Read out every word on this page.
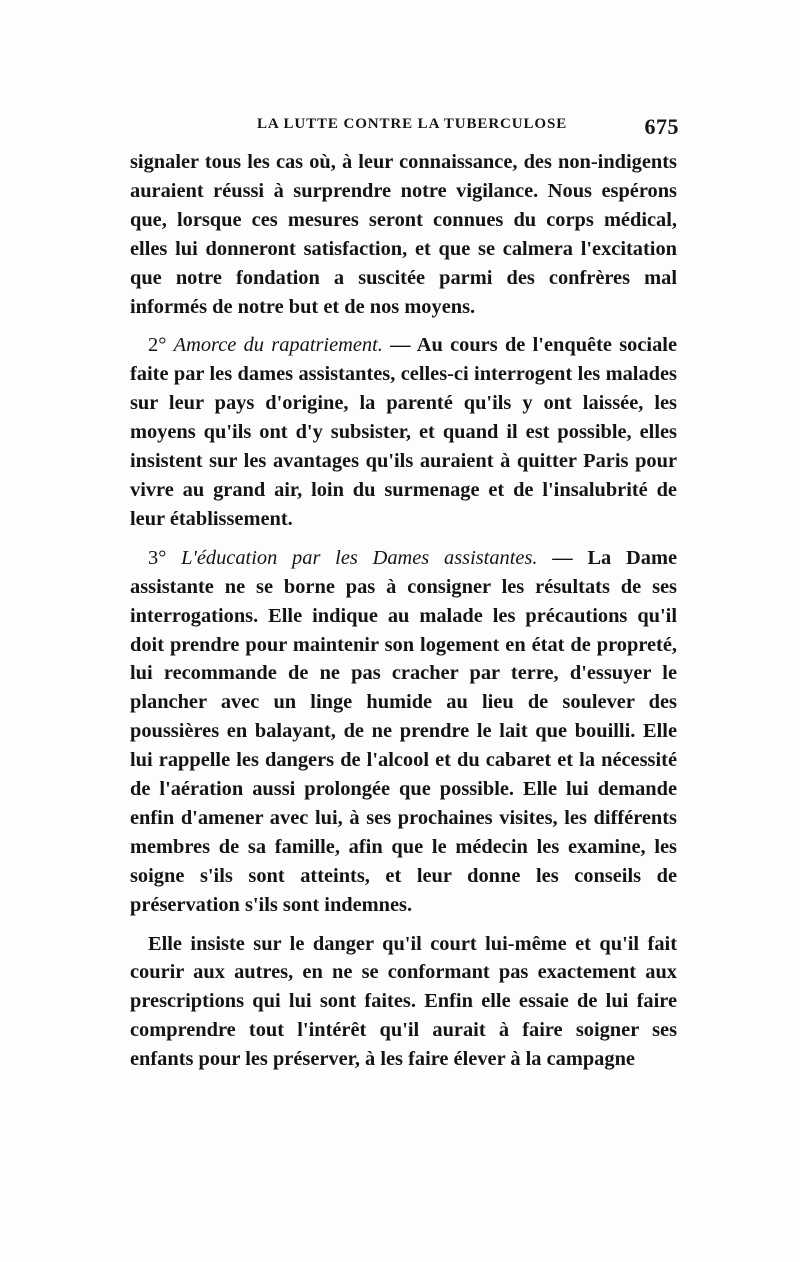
LA LUTTE CONTRE LA TUBERCULOSE	675

signaler tous les cas où, à leur connaissance, des non-indigents auraient réussi à surprendre notre vigilance. Nous espérons que, lorsque ces mesures seront connues du corps médical, elles lui donneront satisfaction, et que se calmera l'excitation que notre fondation a suscitée parmi des confrères mal informés de notre but et de nos moyens.

2° Amorce du rapatriement. — Au cours de l'enquête sociale faite par les dames assistantes, celles-ci interrogent les malades sur leur pays d'origine, la parenté qu'ils y ont laissée, les moyens qu'ils ont d'y subsister, et quand il est possible, elles insistent sur les avantages qu'ils auraient à quitter Paris pour vivre au grand air, loin du surmenage et de l'insalubrité de leur établissement.

3° L'éducation par les Dames assistantes. — La Dame assistante ne se borne pas à consigner les résultats de ses interrogations. Elle indique au malade les précautions qu'il doit prendre pour maintenir son logement en état de propreté, lui recommande de ne pas cracher par terre, d'essuyer le plancher avec un linge humide au lieu de soulever des poussières en balayant, de ne prendre le lait que bouilli. Elle lui rappelle les dangers de l'alcool et du cabaret et la nécessité de l'aération aussi prolongée que possible. Elle lui demande enfin d'amener avec lui, à ses prochaines visites, les différents membres de sa famille, afin que le médecin les examine, les soigne s'ils sont atteints, et leur donne les conseils de préservation s'ils sont indemnes.

Elle insiste sur le danger qu'il court lui-même et qu'il fait courir aux autres, en ne se conformant pas exactement aux prescriptions qui lui sont faites. Enfin elle essaie de lui faire comprendre tout l'intérêt qu'il aurait à faire soigner ses enfants pour les préserver, à les faire élever à la campagne
